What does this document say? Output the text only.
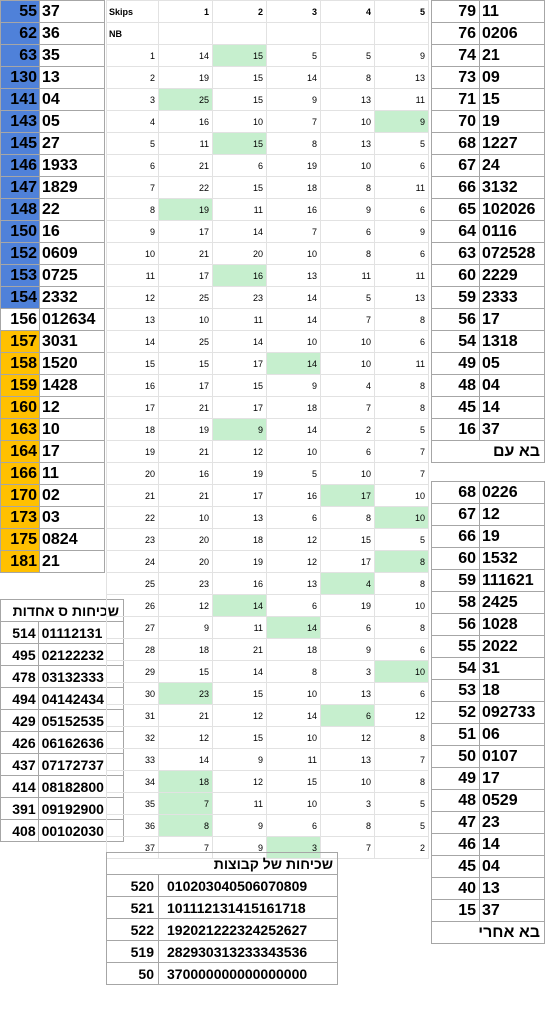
55	37
62	36
63	35
130	13
141	04
143	05
145	27
146	1933
147	1829
148	22
150	16
152	0609
153	0725
154	2332
156	012634
157	3031
158	1520
159	1428
160	12
163	10
164	17
166	11
170	02
173	03
175	0824
181	21
שכיחות ס אחדות	
514	01112131
495	02122232
478	03132333
494	04142434
429	05152535
426	06162636
437	07172737
414	08182800
391	09192900
408	00102030
Skips	1	2	3	4	5
NB					
1	14	15	5	5	9
2	19	15	14	8	13
3	25	15	9	13	11
4	16	10	7	10	9
5	11	15	8	13	5
6	21	6	19	10	6
7	22	15	18	8	11
8	19	11	16	9	6
9	17	14	7	6	9
10	21	20	10	8	6
11	17	16	13	11	11
12	25	23	14	5	13
13	10	11	14	7	8
14	25	14	10	10	6
15	15	17	14	10	11
16	17	15	9	4	8
17	21	17	18	7	8
18	19	9	14	2	5
19	21	12	10	6	7
20	16	19	5	10	7
21	21	17	16	17	10
22	10	13	6	8	10
23	20	18	12	15	5
24	20	19	12	17	8
25	23	16	13	4	8
26	12	14	6	19	10
27	9	11	14	6	8
28	18	21	18	9	6
29	15	14	8	3	10
30	23	15	10	13	6
31	21	12	14	6	12
32	12	15	10	12	8
33	14	9	11	13	7
34	18	12	15	10	8
35	7	11	10	3	5
36	8	9	6	8	5
37	7	9	3	7	2
שכיחות של קבוצות	
520	010203040506070809
521	101112131415161718
522	192021222324252627
519	282930313233343536
50	370000000000000000
79	11
76	0206
74	21
73	09
71	15
70	19
68	1227
67	24
66	3132
65	102026
64	0116
63	072528
60	2229
59	2333
56	17
54	1318
49	05
48	04
45	14
16	37
בא עם	

68	0226
67	12
66	19
60	1532
59	111621
58	2425
56	1028
55	2022
54	31
53	18
52	092733
51	06
50	0107
49	17
48	0529
47	23
46	14
45	04
40	13
15	37
בא אחרי	
